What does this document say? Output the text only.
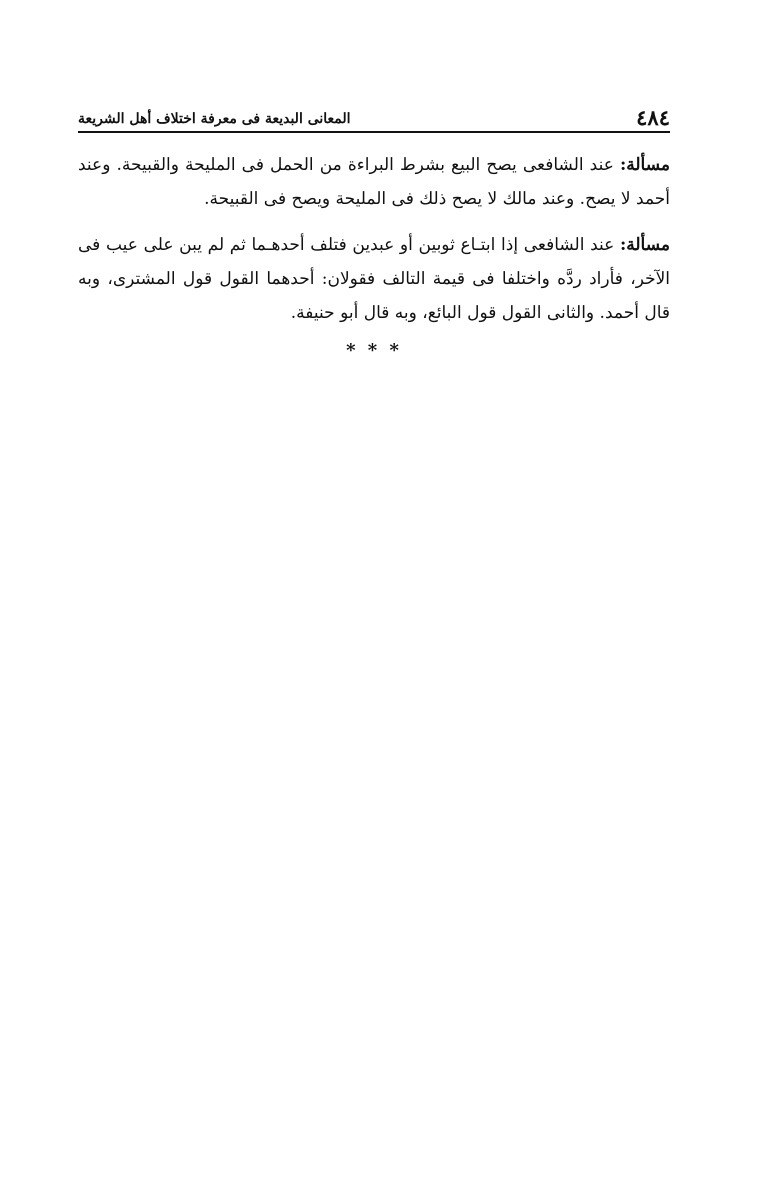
٤٨٤
المعانى البديعة فى معرفة اختلاف أهل الشريعة

مسألة: عند الشافعى يصح البيع بشرط البراءة من الحمل فى المليحة والقبيحة. وعند أحمد لا يصح. وعند مالك لا يصح ذلك فى المليحة ويصح فى القبيحة.

مسألة: عند الشافعى إذا ابتـاع ثوبين أو عبدين فتلف أحدهـما ثم لم يبن على عيب فى الآخر، فأراد ردَّه واختلفا فى قيمة التالف فقولان: أحدهما القول قول المشترى، وبه قال أحمد. والثانى القول قول البائع، وبه قال أبو حنيفة.

* * *
